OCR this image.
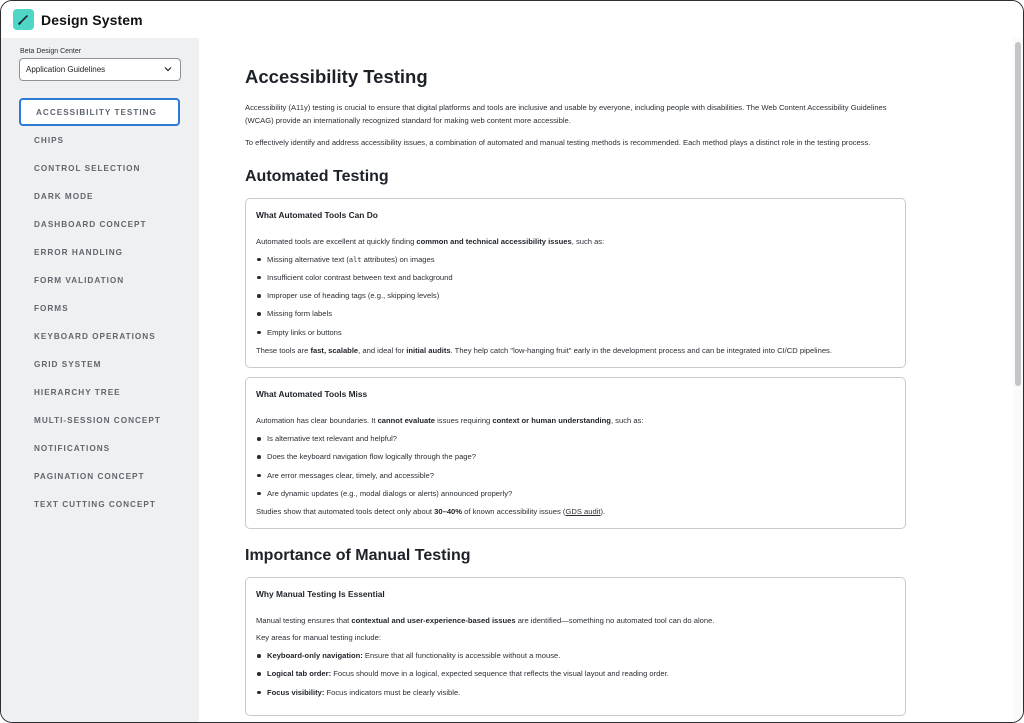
Design System
Beta Design Center
Application Guidelines
ACCESSIBILITY TESTING
CHIPS
CONTROL SELECTION
DARK MODE
DASHBOARD CONCEPT
ERROR HANDLING
FORM VALIDATION
FORMS
KEYBOARD OPERATIONS
GRID SYSTEM
HIERARCHY TREE
MULTI-SESSION CONCEPT
NOTIFICATIONS
PAGINATION CONCEPT
TEXT CUTTING CONCEPT
Accessibility Testing

Accessibility (A11y) testing is crucial to ensure that digital platforms and tools are inclusive and usable by everyone, including people with disabilities. The Web Content Accessibility Guidelines (WCAG) provide an internationally recognized standard for making web content more accessible.

To effectively identify and address accessibility issues, a combination of automated and manual testing methods is recommended. Each method plays a distinct role in the testing process.

Automated Testing
What Automated Tools Can Do
Automated tools are excellent at quickly finding common and technical accessibility issues, such as:
Missing alternative text (alt attributes) on images
Insufficient color contrast between text and background
Improper use of heading tags (e.g., skipping levels)
Missing form labels
Empty links or buttons
These tools are fast, scalable, and ideal for initial audits. They help catch "low-hanging fruit" early in the development process and can be integrated into CI/CD pipelines.
What Automated Tools Miss
Automation has clear boundaries. It cannot evaluate issues requiring context or human understanding, such as:
Is alternative text relevant and helpful?
Does the keyboard navigation flow logically through the page?
Are error messages clear, timely, and accessible?
Are dynamic updates (e.g., modal dialogs or alerts) announced properly?
Studies show that automated tools detect only about 30–40% of known accessibility issues (GDS audit).
Importance of Manual Testing
Why Manual Testing Is Essential
Manual testing ensures that contextual and user-experience-based issues are identified—something no automated tool can do alone.
Key areas for manual testing include:
Keyboard-only navigation: Ensure that all functionality is accessible without a mouse.
Logical tab order: Focus should move in a logical, expected sequence that reflects the visual layout and reading order.
Focus visibility: Focus indicators must be clearly visible.
